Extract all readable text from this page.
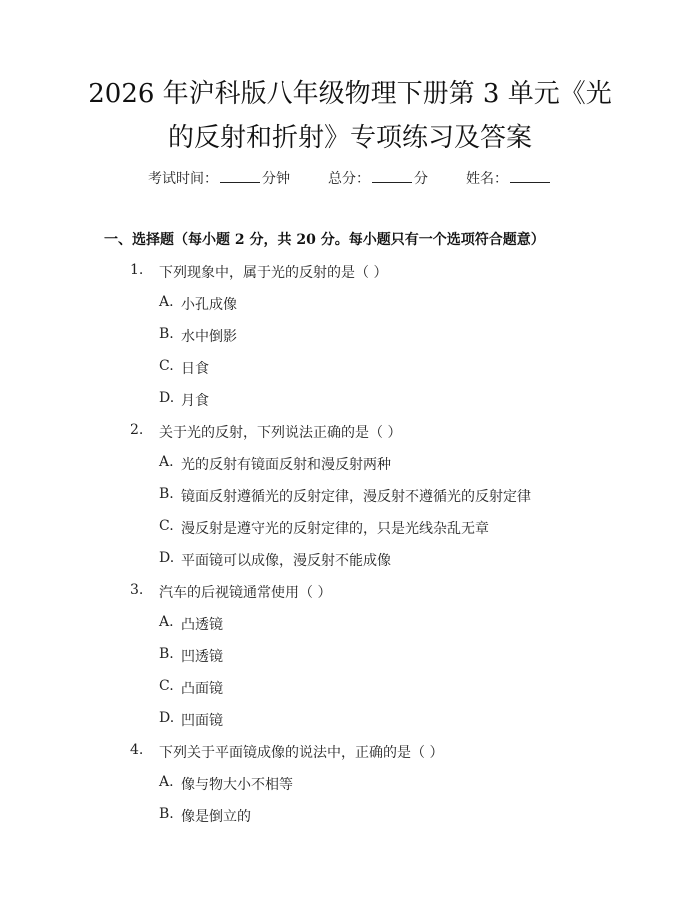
2026 年沪科版八年级物理下册第 3 单元《光
的反射和折射》专项练习及答案
考试时间：	分钟	总分：	分	姓名：
一、选择题（每小题 2 分，共 20 分。每小题只有一个选项符合题意）
1. 下列现象中，属于光的反射的是（ ）
A. 小孔成像
B. 水中倒影
C. 日食
D. 月食
2. 关于光的反射，下列说法正确的是（ ）
A. 光的反射有镜面反射和漫反射两种
B. 镜面反射遵循光的反射定律，漫反射不遵循光的反射定律
C. 漫反射是遵守光的反射定律的，只是光线杂乱无章
D. 平面镜可以成像，漫反射不能成像
3. 汽车的后视镜通常使用（ ）
A. 凸透镜
B. 凹透镜
C. 凸面镜
D. 凹面镜
4. 下列关于平面镜成像的说法中，正确的是（ ）
A. 像与物大小不相等
B. 像是倒立的
